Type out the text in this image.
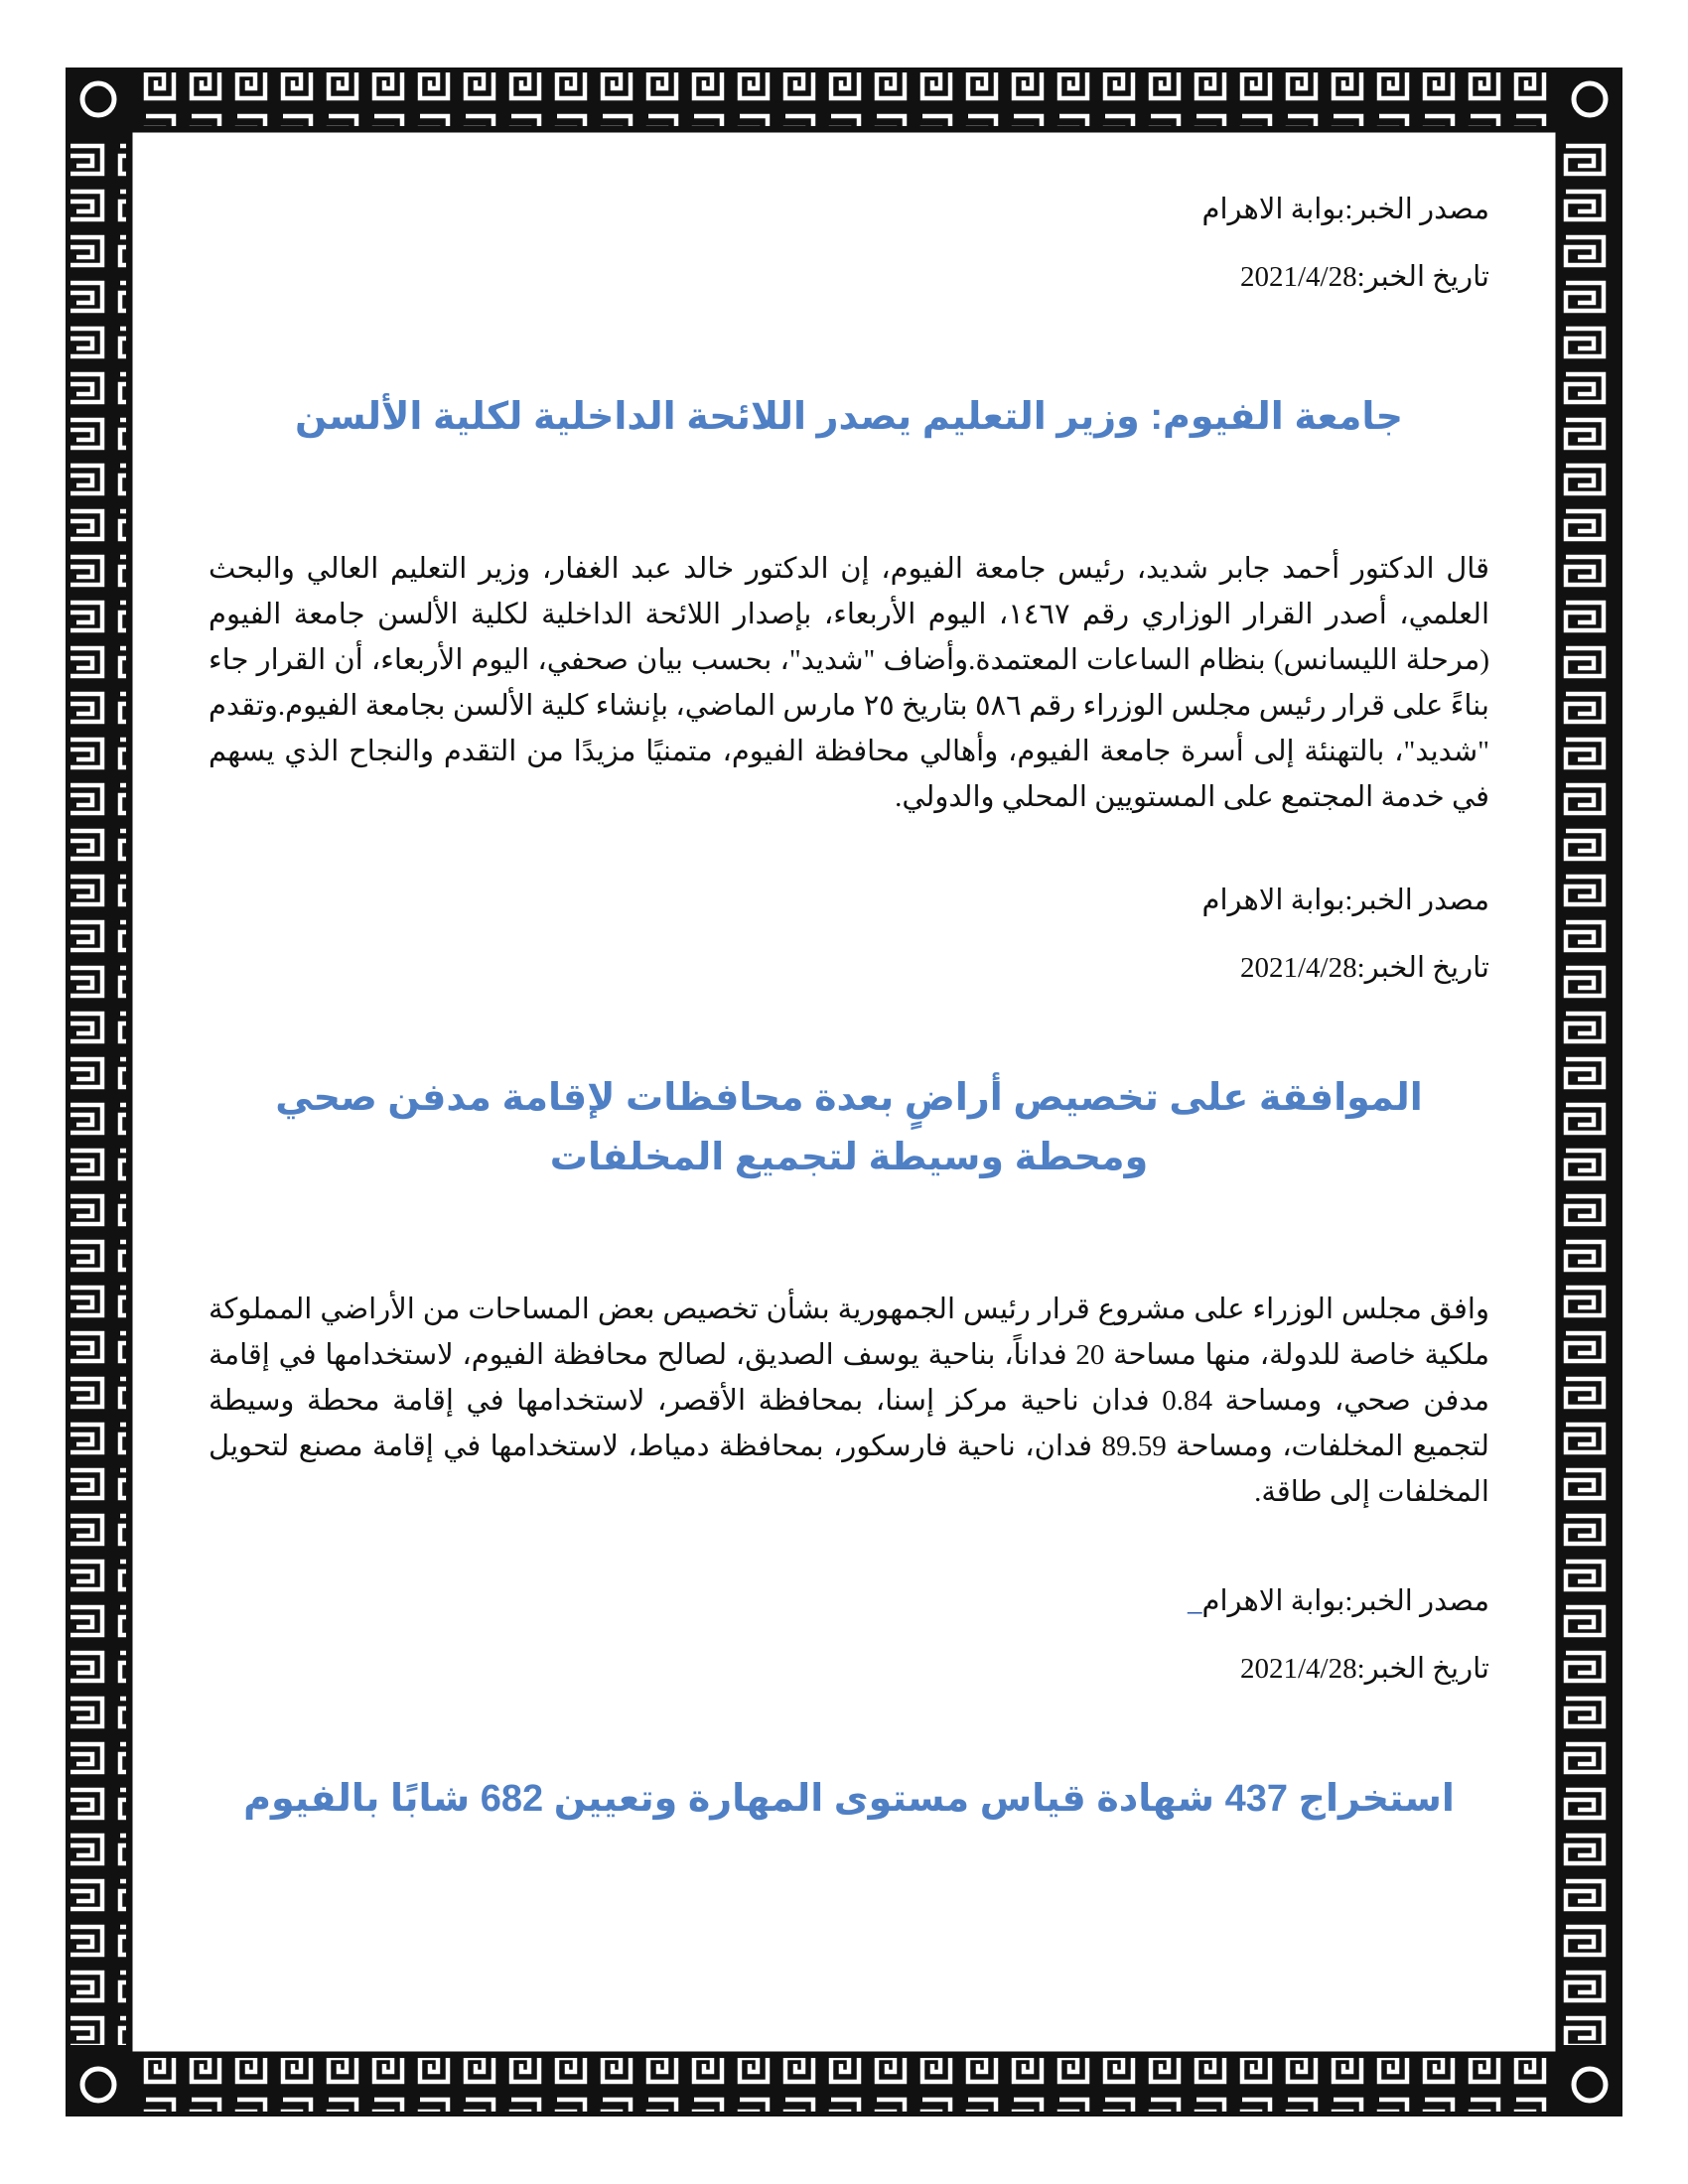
مصدر الخبر:بوابة الاهرام

تاريخ الخبر:2021/4/28

جامعة الفيوم: وزير التعليم يصدر اللائحة الداخلية لكلية الألسن

قال الدكتور أحمد جابر شديد، رئيس جامعة الفيوم، إن الدكتور خالد عبد الغفار، وزير التعليم العالي والبحث العلمي، أصدر القرار الوزاري رقم ١٤٦٧، اليوم الأربعاء، بإصدار اللائحة الداخلية لكلية الألسن جامعة الفيوم (مرحلة الليسانس) بنظام الساعات المعتمدة.وأضاف "شديد"، بحسب بيان صحفي، اليوم الأربعاء، أن القرار جاء بناءً على قرار رئيس مجلس الوزراء رقم ٥٨٦ بتاريخ ٢٥ مارس الماضي، بإنشاء كلية الألسن بجامعة الفيوم.وتقدم "شديد"، بالتهنئة إلى أسرة جامعة الفيوم، وأهالي محافظة الفيوم، متمنيًا مزيدًا من التقدم والنجاح الذي يسهم في خدمة المجتمع على المستويين المحلي والدولي.

مصدر الخبر:بوابة الاهرام

تاريخ الخبر:2021/4/28

الموافقة على تخصيص أراضٍ بعدة محافظات لإقامة مدفن صحي ومحطة وسيطة لتجميع المخلفات

وافق مجلس الوزراء على مشروع قرار رئيس الجمهورية بشأن تخصيص بعض المساحات من الأراضي المملوكة ملكية خاصة للدولة، منها مساحة 20 فداناً، بناحية يوسف الصديق، لصالح محافظة الفيوم، لاستخدامها في إقامة مدفن صحي، ومساحة 0.84 فدان ناحية مركز إسنا، بمحافظة الأقصر، لاستخدامها في إقامة محطة وسيطة لتجميع المخلفات، ومساحة 89.59 فدان، ناحية فارسكور، بمحافظة دمياط، لاستخدامها في إقامة مصنع لتحويل المخلفات إلى طاقة.

مصدر الخبر:بوابة الاهرام_

تاريخ الخبر:2021/4/28

استخراج 437 شهادة قياس مستوى المهارة وتعيين 682 شابًا بالفيوم
